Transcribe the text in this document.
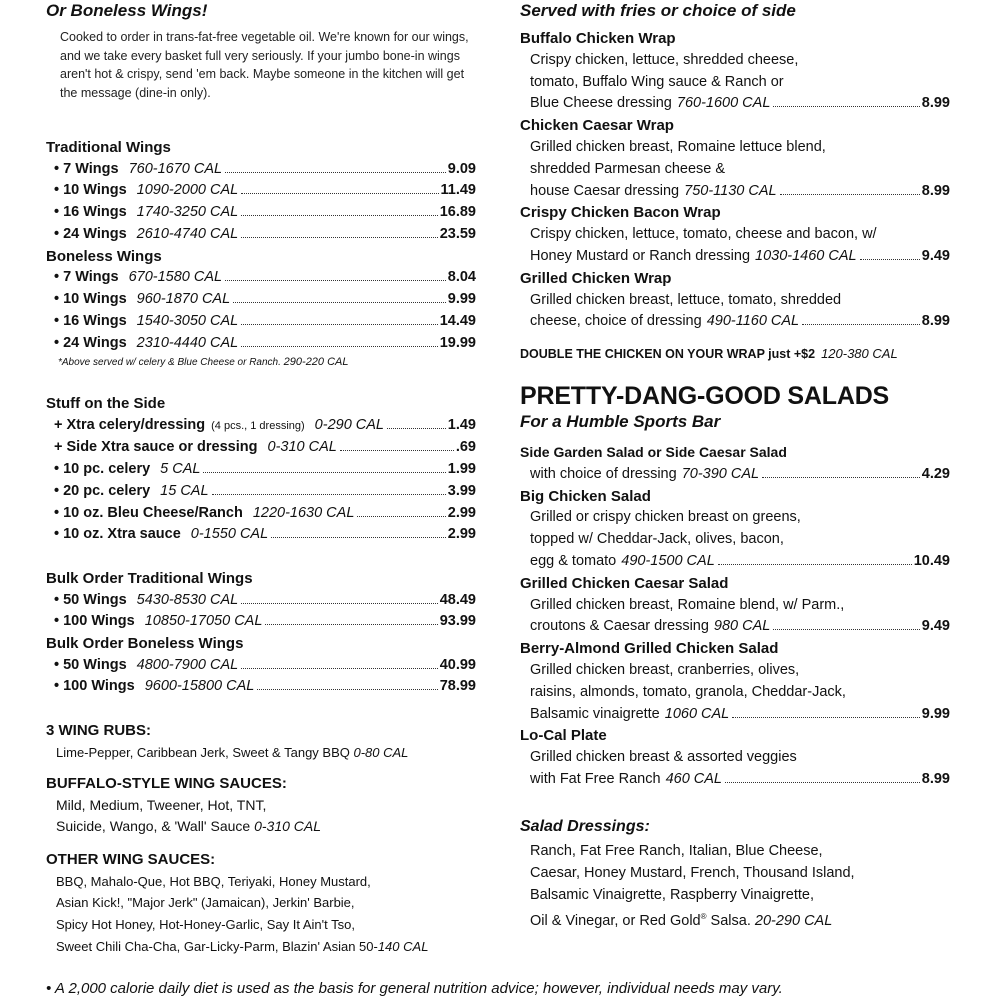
Or Boneless Wings!

Cooked to order in trans-fat-free vegetable oil. We're known for our wings, and we take every basket full very seriously. If your jumbo bone-in wings aren't hot & crispy, send 'em back. Maybe someone in the kitchen will get the message (dine-in only).

Traditional Wings

• 7 Wings 760-1670 CAL	9.09
• 10 Wings 1090-2000 CAL	11.49
• 16 Wings 1740-3250 CAL	16.89
• 24 Wings 2610-4740 CAL	23.59

Boneless Wings

• 7 Wings 670-1580 CAL	8.04
• 10 Wings 960-1870 CAL	9.99
• 16 Wings 1540-3050 CAL	14.49
• 24 Wings 2310-4440 CAL	19.99

*Above served w/ celery & Blue Cheese or Ranch. 290-220 CAL

Stuff on the Side

+ Xtra celery/dressing (4 pcs., 1 dressing) 0-290 CAL	1.49
+ Side Xtra sauce or dressing 0-310 CAL	.69
• 10 pc. celery 5 CAL	1.99
• 20 pc. celery 15 CAL	3.99
• 10 oz. Bleu Cheese/Ranch 1220-1630 CAL	2.99
• 10 oz. Xtra sauce 0-1550 CAL	2.99

Bulk Order Traditional Wings

• 50 Wings 5430-8530 CAL	48.49
• 100 Wings 10850-17050 CAL	93.99

Bulk Order Boneless Wings

• 50 Wings 4800-7900 CAL	40.99
• 100 Wings 9600-15800 CAL	78.99

3 WING RUBS:

Lime-Pepper, Caribbean Jerk, Sweet & Tangy BBQ 0-80 CAL

BUFFALO-STYLE WING SAUCES:

Mild, Medium, Tweener, Hot, TNT,

Suicide, Wango, & 'Wall' Sauce 0-310 CAL

OTHER WING SAUCES:

BBQ, Mahalo-Que, Hot BBQ, Teriyaki, Honey Mustard,

Asian Kick!, "Major Jerk" (Jamaican), Jerkin' Barbie,

Spicy Hot Honey, Hot-Honey-Garlic, Say It Ain't Tso,

Sweet Chili Cha-Cha, Gar-Licky-Parm, Blazin' Asian 50-140 CAL

Served with fries or choice of side

Buffalo Chicken Wrap

Crispy chicken, lettuce, shredded cheese,

tomato, Buffalo Wing sauce & Ranch or

Blue Cheese dressing 760-1600 CAL	8.99

Chicken Caesar Wrap

Grilled chicken breast, Romaine lettuce blend,

shredded Parmesan cheese &

house Caesar dressing 750-1130 CAL	8.99

Crispy Chicken Bacon Wrap

Crispy chicken, lettuce, tomato, cheese and bacon, w/

Honey Mustard or Ranch dressing 1030-1460 CAL	9.49

Grilled Chicken Wrap

Grilled chicken breast, lettuce, tomato, shredded

cheese, choice of dressing 490-1160 CAL	8.99

DOUBLE THE CHICKEN ON YOUR WRAP just +$2 120-380 CAL

PRETTY-DANG-GOOD SALADS

For a Humble Sports Bar

Side Garden Salad or Side Caesar Salad

with choice of dressing 70-390 CAL	4.29

Big Chicken Salad

Grilled or crispy chicken breast on greens,

topped w/ Cheddar-Jack, olives, bacon,

egg & tomato 490-1500 CAL	10.49

Grilled Chicken Caesar Salad

Grilled chicken breast, Romaine blend, w/ Parm.,

croutons & Caesar dressing 980 CAL	9.49

Berry-Almond Grilled Chicken Salad

Grilled chicken breast, cranberries, olives,

raisins, almonds, tomato, granola, Cheddar-Jack,

Balsamic vinaigrette 1060 CAL	9.99

Lo-Cal Plate

Grilled chicken breast & assorted veggies

with Fat Free Ranch 460 CAL	8.99

Salad Dressings:

Ranch, Fat Free Ranch, Italian, Blue Cheese,

Caesar, Honey Mustard, French, Thousand Island,

Balsamic Vinaigrette, Raspberry Vinaigrette,

Oil & Vinegar, or Red Gold® Salsa. 20-290 CAL

• A 2,000 calorie daily diet is used as the basis for general nutrition advice; however, individual needs may vary.
